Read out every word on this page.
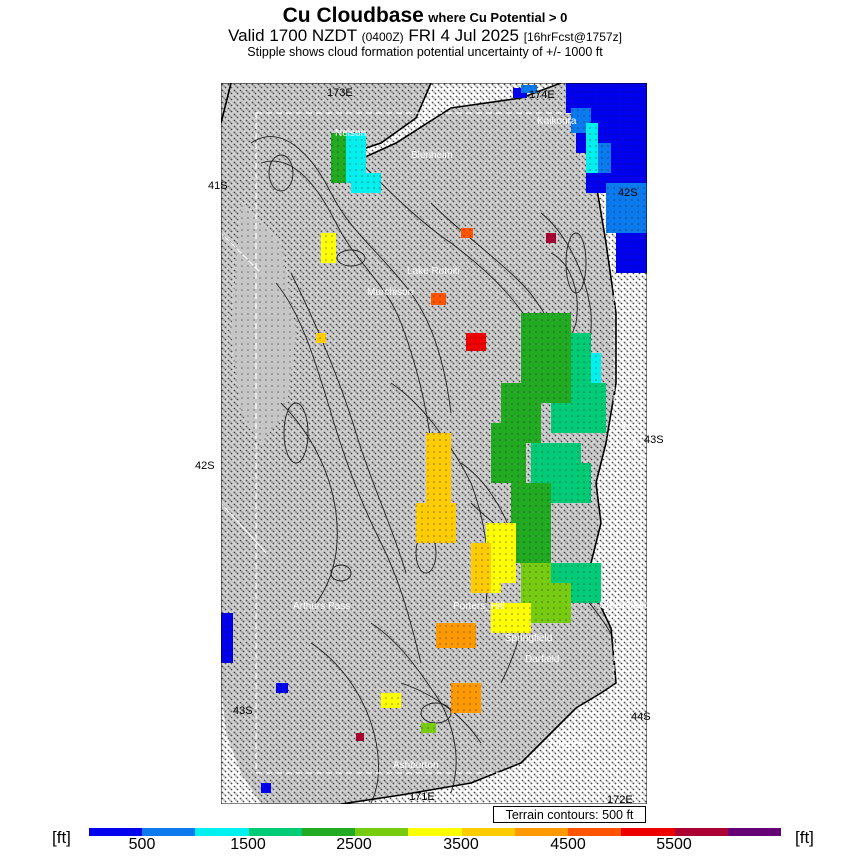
Cu Cloudbase where Cu Potential > 0
Valid 1700 NZDT (0400Z) FRI 4 Jul 2025 [16hrFcst@1757z]
Stipple shows cloud formation potential uncertainty of +/- 1000 ft
173E	174E
171E	172E
41S
42S
42S
43S
43S
44S
Nelson
Blenheim
Kaikoura
Lake Rotoiti
Murchison
Arthurs Pass	Porters_Hill
Springfield
Darfield
Christchurch
NZPS
Ashburton
Terrain contours: 500 ft
[ft]	[ft]
500	1500	2500	3500	4500	5500
